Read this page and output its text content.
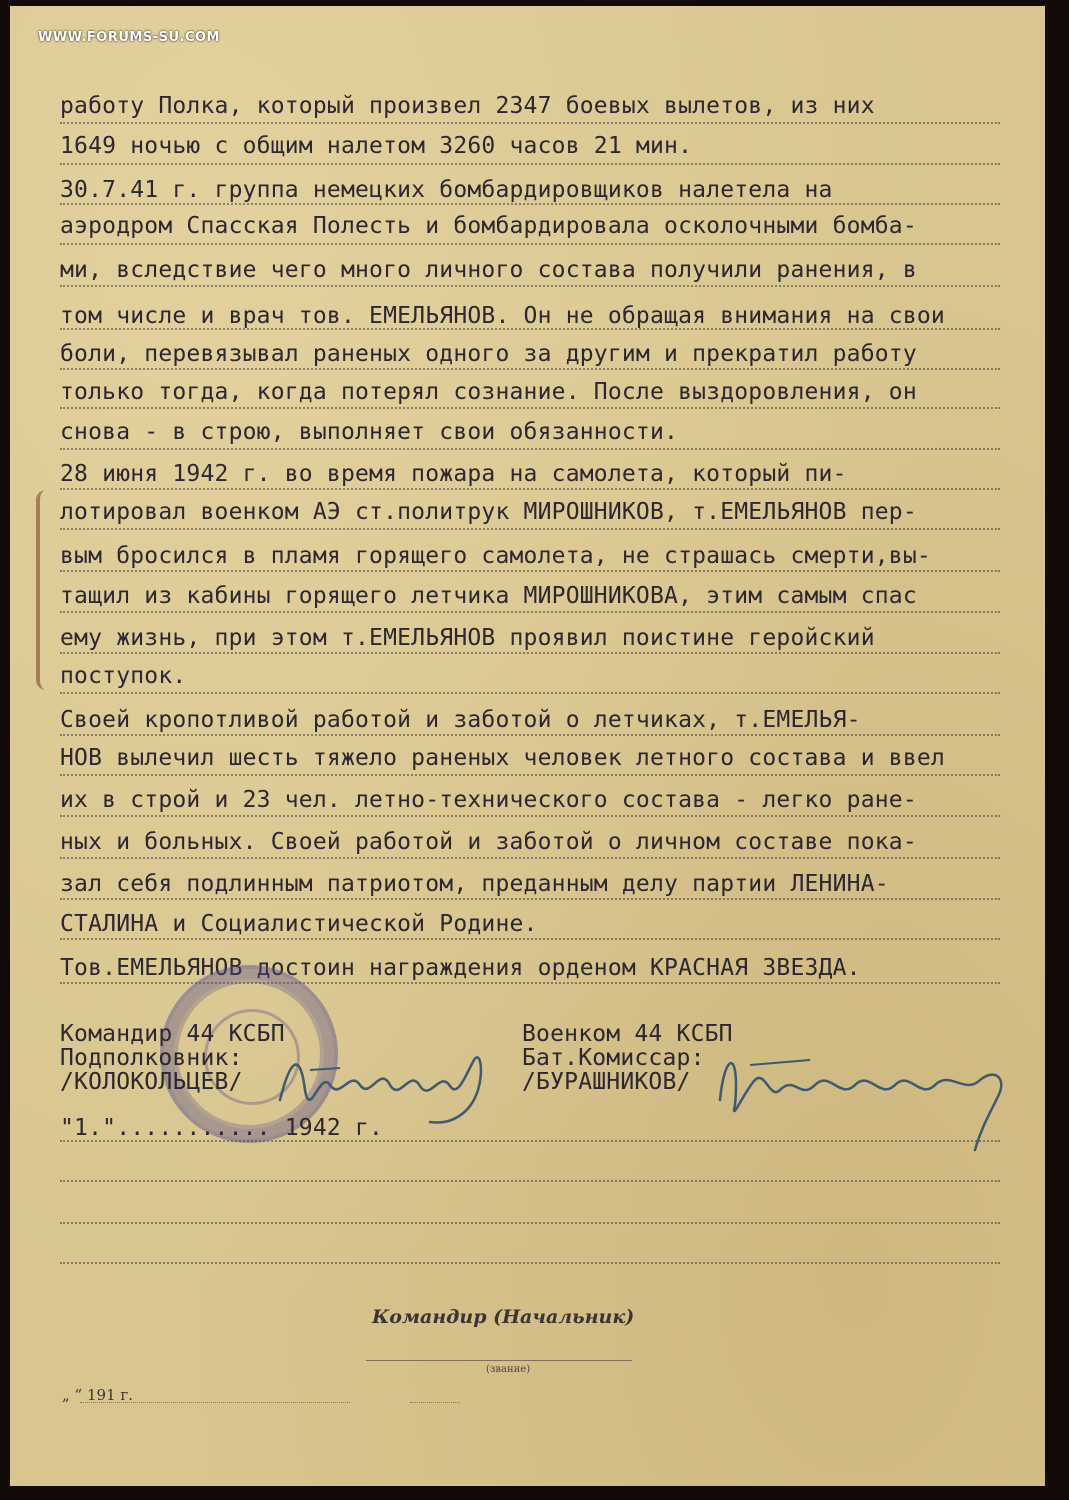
WWW.FORUMS-SU.COM
работу Полка, который произвел 2347 боевых вылетов, из них
1649 ночью с общим налетом 3260 часов 21 мин.
30.7.41 г. группа немецких бомбардировщиков налетела на
аэродром Спасская Полесть и бомбардировала осколочными бомба-
ми, вследствие чего много личного состава получили ранения, в
том числе и врач тов. ЕМЕЛЬЯНОВ. Он не обращая внимания на свои
боли, перевязывал раненых одного за другим и прекратил работу
только тогда, когда потерял сознание. После выздоровления, он
снова - в строю, выполняет свои обязанности.
28 июня 1942 г. во время пожара на самолета, который пи-
лотировал военком АЭ ст.политрук МИРОШНИКОВ, т.ЕМЕЛЬЯНОВ пер-
вым бросился в пламя горящего самолета, не страшась смерти,вы-
тащил из кабины горящего летчика МИРОШНИКОВА, этим самым спас
ему жизнь, при этом т.ЕМЕЛЬЯНОВ проявил поистине геройский
поступок.
Своей кропотливой работой и заботой о летчиках, т.ЕМЕЛЬЯ-
НОВ вылечил шесть тяжело раненых человек летного состава и ввел
их в строй и 23 чел. летно-технического состава - легко ране-
ных и больных. Своей работой и заботой о личном составе пока-
зал себя подлинным патриотом, преданным делу партии ЛЕНИНА-
СТАЛИНА и Социалистической Родине.
Тов.ЕМЕЛЬЯНОВ достоин награждения орденом КРАСНАЯ ЗВЕЗДА.
Командир 44 КСБП
Подполковник:
/КОЛОКОЛЬЦЕВ/
Военком 44 КСБП
Бат.Комиссар:
/БУРАШНИКОВ/
"1."........... 1942 г.
Командир (Начальник)
(звание)
„ “ 191 г.
